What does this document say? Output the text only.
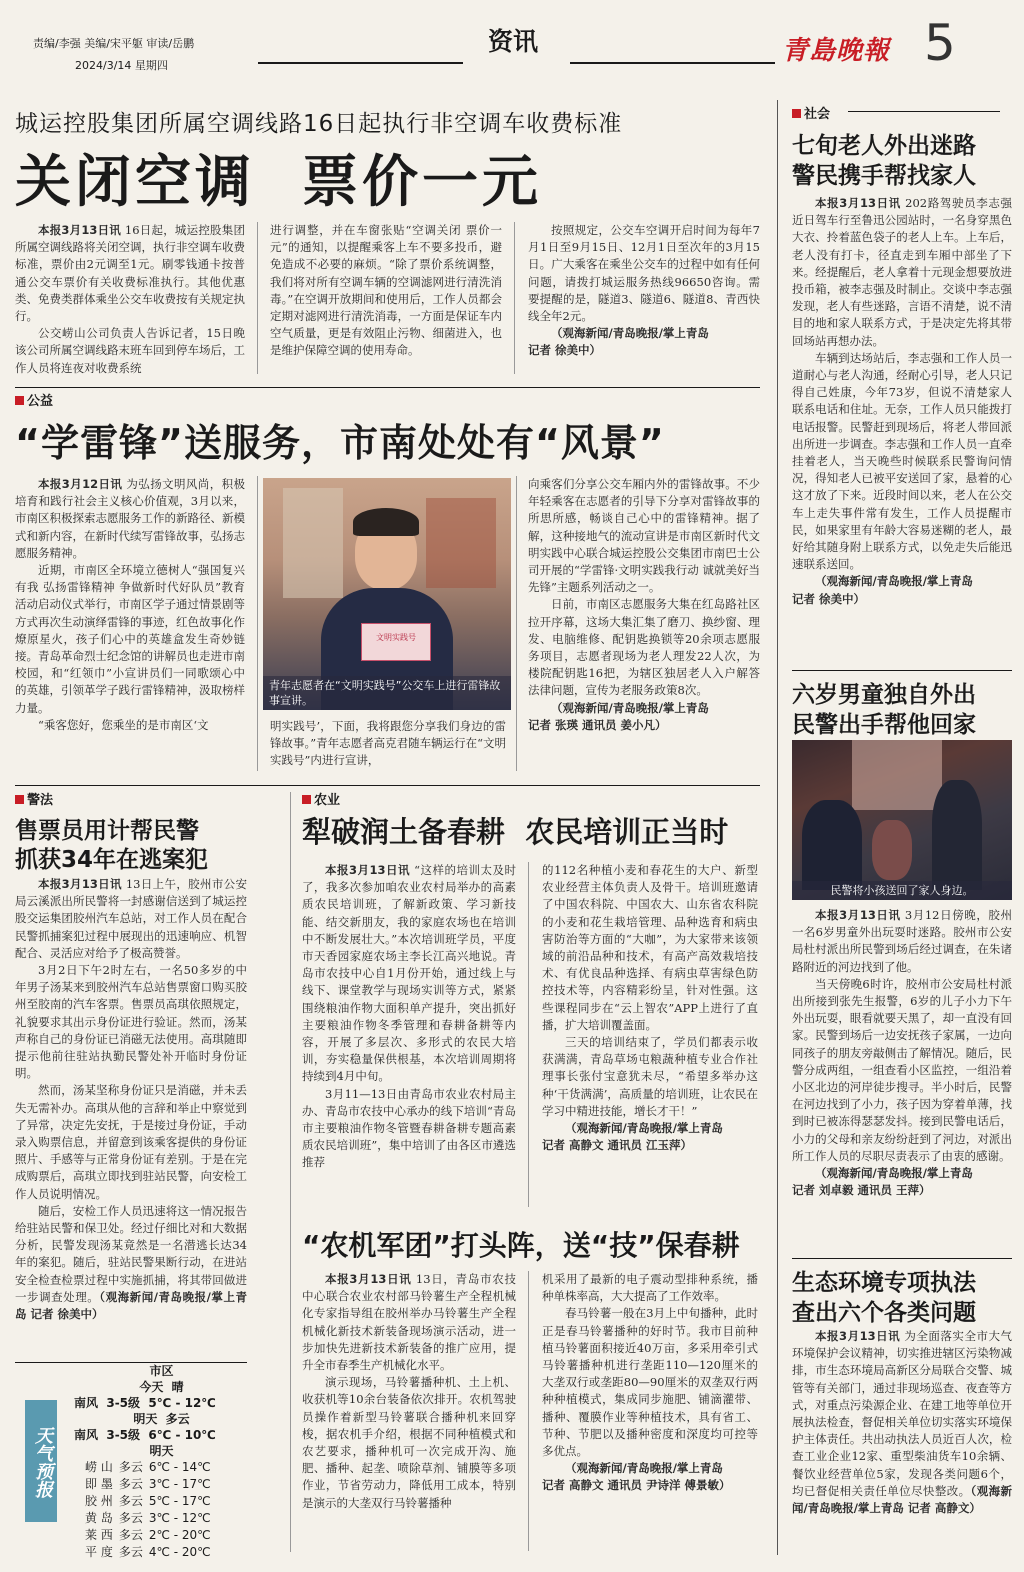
责编/李强 美编/宋平躯 审读/岳鹏
2024/3/14 星期四
资讯	青島晚報 5
城运控股集团所属空调线路16日起执行非空调车收费标准
关闭空调  票价一元

本报3月13日讯 16日起，城运控股集团所属空调线路将关闭空调，执行非空调车收费标准，票价由2元调至1元。刷零钱通卡按普通公交车票价有关收费标准执行。其他优惠类、免费类群体乘坐公交车收费按有关规定执行。

公交崂山公司负责人告诉记者，15日晚该公司所属空调线路末班车回到停车场后，工作人员将连夜对收费系统

进行调整，并在车窗张贴“空调关闭 票价一元”的通知，以提醒乘客上车不要多投币，避免造成不必要的麻烦。“除了票价系统调整，我们将对所有空调车辆的空调滤网进行清洗消毒。”在空调开放期间和使用后，工作人员都会定期对滤网进行清洗消毒，一方面是保证车内空气质量，更是有效阻止污物、细菌进入，也是维护保障空调的使用寿命。

按照规定，公交车空调开启时间为每年7月1日至9月15日、12月1日至次年的3月15日。广大乘客在乘坐公交车的过程中如有任何问题，请拨打城运服务热线96650咨询。需要提醒的是，隧道3、隧道6、隧道8、青西快线全年2元。

（观海新闻/青岛晚报/掌上青岛

记者 徐美中）

公益
“学雷锋”送服务，市南处处有“风景”

本报3月12日讯 为弘扬文明风尚，积极培育和践行社会主义核心价值观，3月以来，市南区积极探索志愿服务工作的新路径、新模式和新内容，在新时代续写雷锋故事，弘扬志愿服务精神。

近期，市南区全环境立德树人“强国复兴有我 弘扬雷锋精神 争做新时代好队员”教育活动启动仪式举行，市南区学子通过情景剧等方式再次生动演绎雷锋的事迹，红色故事化作燎原星火，孩子们心中的英雄盒发生奇妙链接。青岛革命烈士纪念馆的讲解员也走进市南校园，和“红领巾”小宣讲员们一同歌颂心中的英雄，引领革学子践行雷锋精神，汲取榜样力量。

“乘客您好，您乘坐的是市南区‘文

文明实践号
青年志愿者在“文明实践号”公交车上进行雷锋故事宣讲。

明实践号’，下面，我将跟您分享我们身边的雷锋故事。”青年志愿者高克君随车辆运行在“文明实践号”内进行宣讲，

向乘客们分享公交车厢内外的雷锋故事。不少年轻乘客在志愿者的引导下分享对雷锋故事的所思所感，畅谈自己心中的雷锋精神。据了解，这种接地气的流动宣讲是市南区新时代文明实践中心联合城运控股公交集团市南巴士公司开展的“学雷锋·文明实践我行动 诚就美好当先锋”主题系列活动之一。

日前，市南区志愿服务大集在红岛路社区拉开序幕，这场大集汇集了磨刀、换纱窗、理发、电脑维修、配钥匙换锁等20余项志愿服务项目，志愿者现场为老人理发22人次，为楼院配钥匙16把，为辖区独居老人入户解答法律问题，宣传为老服务政策8次。

（观海新闻/青岛晚报/掌上青岛

记者 张瑛 通讯员 姜小凡）

警法
售票员用计帮民警
抓获34年在逃案犯

本报3月13日讯 13日上午，胶州市公安局云溪派出所民警将一封感谢信送到了城运控股交运集团胶州汽车总站，对工作人员在配合民警抓捕案犯过程中展现出的迅速响应、机智配合、灵活应对给予了极高赞誉。

3月2日下午2时左右，一名50多岁的中年男子汤某来到胶州汽车总站售票窗口购买胶州至胶南的汽车客票。售票员高琪依照规定，礼貌要求其出示身份证进行验证。然而，汤某声称自己的身份证已消磁无法使用。高琪随即提示他前往驻站执勤民警处补开临时身份证明。

然而，汤某坚称身份证只是消磁，并未丢失无需补办。高琪从他的言辞和举止中察觉到了异常，决定先安抚，于是接过身份证，手动录入购票信息，并留意到该乘客提供的身份证照片、手感等与正常身份证有差别。于是在完成购票后，高琪立即找到驻站民警，向安检工作人员说明情况。

随后，安检工作人员迅速将这一情况报告给驻站民警和保卫处。经过仔细比对和大数据分析，民警发现汤某竟然是一名潜逃长达34年的案犯。随后，驻站民警果断行动，在进站安全检查检票过程中实施抓捕，将其带回做进一步调查处理。（观海新闻/青岛晚报/掌上青岛 记者 徐美中）

天气预报
市区
今天  晴
南风  3-5级  5℃ - 12℃
明天  多云
南风  3-5级  6℃ - 10℃
明天
崂 山	多云	6℃ - 14℃
即 墨	多云	3℃ - 17℃
胶 州	多云	5℃ - 17℃
黄 岛	多云	3℃ - 12℃
莱 西	多云	2℃ - 20℃
平 度	多云	4℃ - 20℃
农业
犁破润土备春耕  农民培训正当时

本报3月13日讯 “这样的培训太及时了，我多次参加咱农业农村局举办的高素质农民培训班，了解新政策、学习新技能、结交新朋友，我的家庭农场也在培训中不断发展壮大。”本次培训班学员，平度市天香园家庭农场主李长江高兴地说。青岛市农技中心自1月份开始，通过线上与线下、课堂教学与现场实训等方式，紧紧围绕粮油作物大面积单产提升，突出抓好主要粮油作物冬季管理和春耕备耕等内容，开展了多层次、多形式的农民大培训，夯实稳量保供根基，本次培训周期将持续到4月中旬。

3月11—13日由青岛市农业农村局主办、青岛市农技中心承办的线下培训“青岛市主要粮油作物冬管暨春耕备耕专题高素质农民培训班”，集中培训了由各区市遴选推荐

的112名种植小麦和春花生的大户、新型农业经营主体负责人及骨干。培训班邀请了中国农科院、中国农大、山东省农科院的小麦和花生栽培管理、品种选育和病虫害防治等方面的“大咖”，为大家带来该领域的前沿品种和技术，有高产高效栽培技术、有优良品种选择、有病虫草害绿色防控技术等，内容精彩纷呈，针对性强。这些课程同步在“云上智农”APP上进行了直播，扩大培训覆盖面。

三天的培训结束了，学员们都表示收获满满，青岛草场屯粮蔬种植专业合作社理事长张付宝意犹未尽，“希望多举办这种‘干货满满’，高质量的培训班，让农民在学习中精进技能，增长才干！”

（观海新闻/青岛晚报/掌上青岛

记者 高静文 通讯员 江玉萍）

“农机军团”打头阵，送“技”保春耕

本报3月13日讯 13日，青岛市农技中心联合农业农村部马铃薯生产全程机械化专家指导组在胶州举办马铃薯生产全程机械化新技术新装备现场演示活动，进一步加快先进新技术新装备的推广应用，提升全市春季生产机械化水平。

演示现场，马铃薯播种机、土上机、收获机等10余台装备依次排开。农机驾驶员操作着新型马铃薯联合播种机来回穿梭，据农机手介绍，根据不同种植模式和农艺要求，播种机可一次完成开沟、施肥、播种、起垄、喷除草剂、铺膜等多项作业，节省劳动力，降低用工成本，特别是演示的大垄双行马铃薯播种

机采用了最新的电子震动型排种系统，播种单株率高，大大提高了工作效率。

春马铃薯一般在3月上中旬播种，此时正是春马铃薯播种的好时节。我市目前种植马铃薯面积接近40万亩，多采用牵引式马铃薯播种机进行垄距110—120厘米的大垄双行或垄距80—90厘米的双垄双行两种种植模式，集成同步施肥、铺滴灌带、播种、覆膜作业等种植技术，具有省工、节种、节肥以及播种密度和深度均可控等多优点。

（观海新闻/青岛晚报/掌上青岛

记者 高静文 通讯员 尹诗洋 傅景敏）

社会
七旬老人外出迷路
警民携手帮找家人

本报3月13日讯 202路驾驶员李志强近日驾车行至鲁迅公园站时，一名身穿黑色大衣、拎着蓝色袋子的老人上车。上车后，老人没有打卡，径直走到车厢中部坐了下来。经提醒后，老人拿着十元现金想要放进投币箱，被李志强及时制止。交谈中李志强发现，老人有些迷路，言语不清楚，说不清目的地和家人联系方式，于是决定先将其带回场站再想办法。

车辆到达场站后，李志强和工作人员一道耐心与老人沟通，经耐心引导，老人只记得自己姓康，今年73岁，但说不清楚家人联系电话和住址。无奈，工作人员只能拨打电话报警。民警赶到现场后，将老人带回派出所进一步调查。李志强和工作人员一直牵挂着老人，当天晚些时候联系民警询问情况，得知老人已被平安送回了家，悬着的心这才放了下来。近段时间以来，老人在公交车上走失事件常有发生，工作人员提醒市民，如果家里有年龄大容易迷糊的老人，最好给其随身附上联系方式，以免走失后能迅速联系送回。

（观海新闻/青岛晚报/掌上青岛

记者 徐美中）

六岁男童独自外出
民警出手帮他回家
民警将小孩送回了家人身边。

本报3月13日讯 3月12日傍晚，胶州一名6岁男童外出玩耍时迷路。胶州市公安局杜村派出所民警到场后经过调查，在朱诸路附近的河边找到了他。

当天傍晚6时许，胶州市公安局杜村派出所接到张先生报警，6岁的儿子小力下午外出玩耍，眼看就要天黑了，却一直没有回家。民警到场后一边安抚孩子家属，一边向同孩子的朋友旁敲侧击了解情况。随后，民警分成两组，一组查看小区监控，一组沿着小区北边的河岸徒步搜寻。半小时后，民警在河边找到了小力，孩子因为穿着单薄，找到时已被冻得瑟瑟发抖。接到民警电话后，小力的父母和亲友纷纷赶到了河边，对派出所工作人员的尽职尽责表示了由衷的感谢。

（观海新闻/青岛晚报/掌上青岛

记者 刘卓毅 通讯员 王萍）

生态环境专项执法
查出六个各类问题

本报3月13日讯 为全面落实全市大气环境保护会议精神，切实推进辖区污染物减排，市生态环境局高新区分局联合交警、城管等有关部门，通过非现场巡查、夜查等方式，对重点污染源企业、在建工地等单位开展执法检查，督促相关单位切实落实环境保护主体责任。共出动执法人员近百人次，检查工业企业12家、重型柴油货车10余辆、餐饮业经营单位5家，发现各类问题6个，均已督促相关责任单位尽快整改。（观海新闻/青岛晚报/掌上青岛 记者 高静文）
